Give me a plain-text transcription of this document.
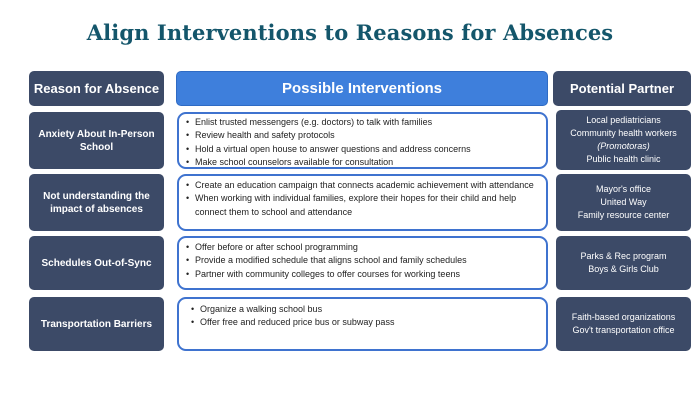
Align Interventions to Reasons for Absences
Reason for Absence	Possible Interventions	Potential Partner
Anxiety About In-Person School
• Enlist trusted messengers (e.g. doctors) to talk with families
• Review health and safety protocols
• Hold a virtual open house to answer questions and address concerns
• Make school counselors available for consultation
Local pediatricians
Community health workers
(Promotoras)
Public health clinic
Not understanding the impact of absences
• Create an education campaign that connects academic achievement with attendance
• When working with individual families, explore their hopes for their child and help connect them to school and attendance
Mayor's office
United Way
Family resource center
Schedules Out-of-Sync
• Offer before or after school programming
• Provide a modified schedule that aligns school and family schedules
• Partner with community colleges to offer courses for working teens
Parks & Rec program
Boys & Girls Club
Transportation Barriers
• Organize a walking school bus
• Offer free and reduced price bus or subway pass
Faith-based organizations
Gov't transportation office
